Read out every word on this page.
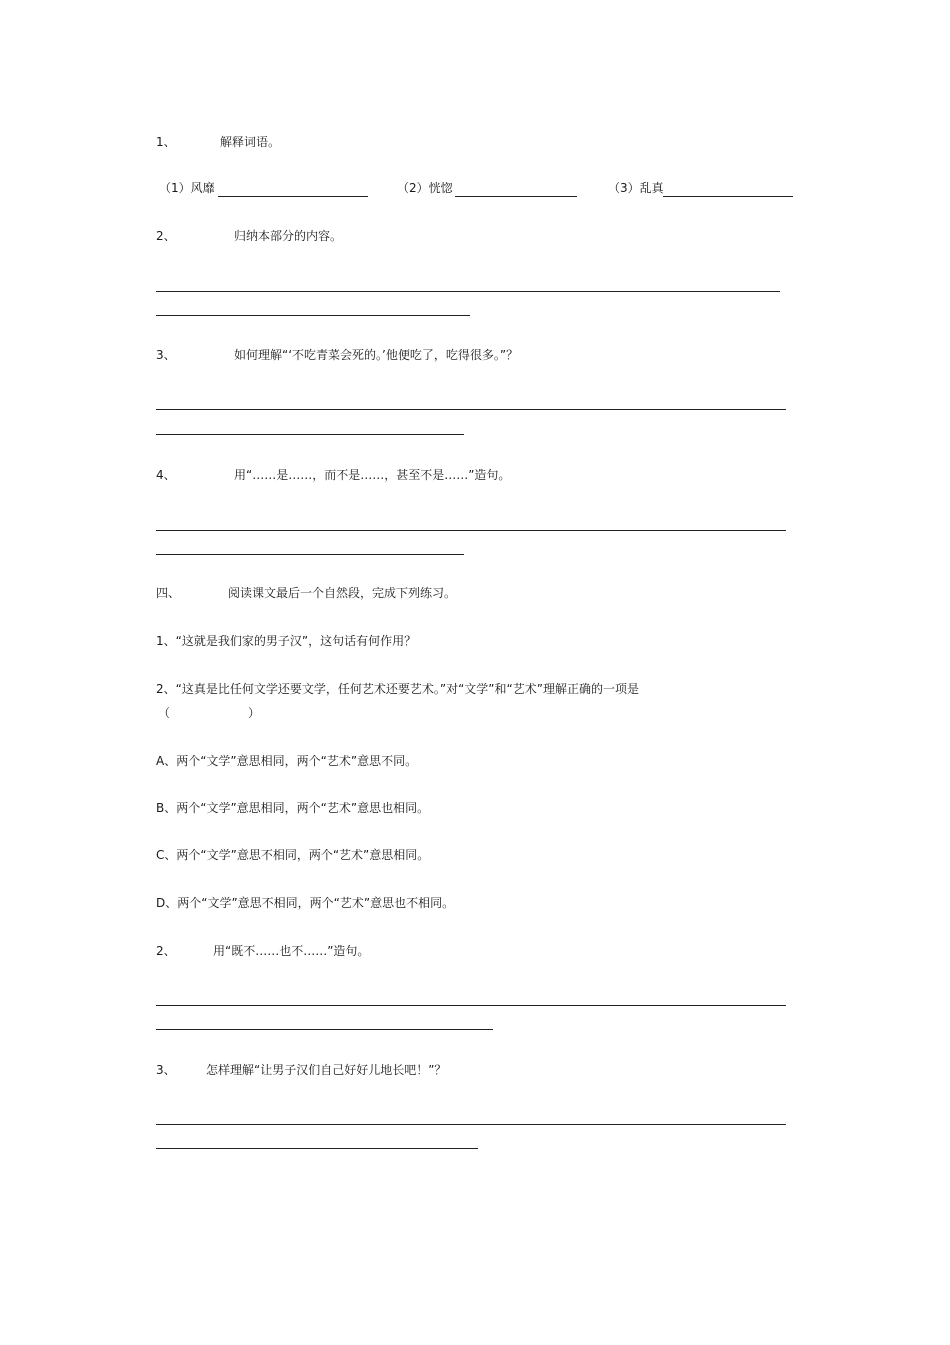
1、	解释词语。
（1）风靡	（2）恍惚	（3）乱真
2、	归纳本部分的内容。
3、	如何理解“‘不吃青菜会死的。’他便吃了，吃得很多。”？
4、	用“……是……，而不是……，甚至不是……”造句。
四、	阅读课文最后一个自然段，完成下列练习。
1、“这就是我们家的男子汉”，这句话有何作用？
2、“这真是比任何文学还要文学，任何艺术还要艺术。”对“文学”和“艺术”理解正确的一项是
（	）
A、两个“文学”意思相同，两个“艺术”意思不同。
B、两个“文学”意思相同，两个“艺术”意思也相同。
C、两个“文学”意思不相同，两个“艺术”意思相同。
D、两个“文学”意思不相同，两个“艺术”意思也不相同。
2、	用“既不……也不……”造句。
3、	怎样理解“让男子汉们自己好好儿地长吧！”？
